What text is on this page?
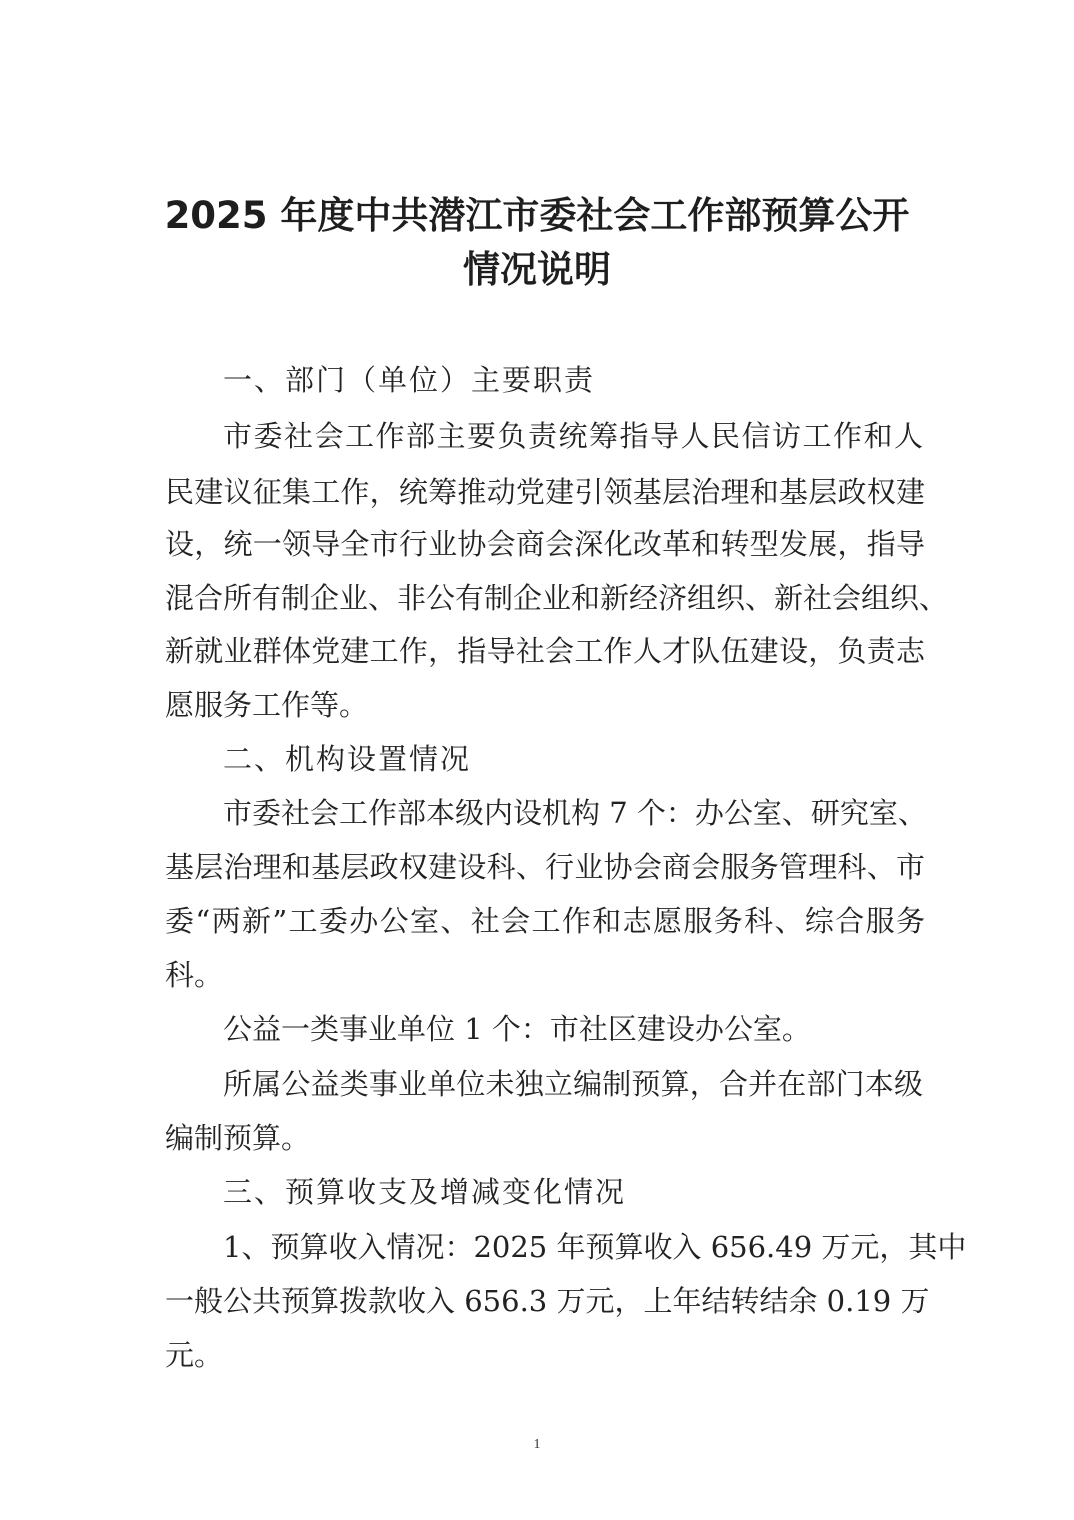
2025 年度中共潜江市委社会工作部预算公开
情况说明
一、部门（单位）主要职责
市委社会工作部主要负责统筹指导人民信访工作和人
民建议征集工作，统筹推动党建引领基层治理和基层政权建
设，统一领导全市行业协会商会深化改革和转型发展，指导
混合所有制企业、非公有制企业和新经济组织、新社会组织、
新就业群体党建工作，指导社会工作人才队伍建设，负责志
愿服务工作等。
二、机构设置情况
市委社会工作部本级内设机构 7 个：办公室、研究室、
基层治理和基层政权建设科、行业协会商会服务管理科、市
委“两新”工委办公室、社会工作和志愿服务科、综合服务
科。
公益一类事业单位 1 个：市社区建设办公室。
所属公益类事业单位未独立编制预算，合并在部门本级
编制预算。
三、预算收支及增减变化情况
1、预算收入情况：2025 年预算收入 656.49 万元，其中
一般公共预算拨款收入 656.3 万元，上年结转结余 0.19 万
元。
1
